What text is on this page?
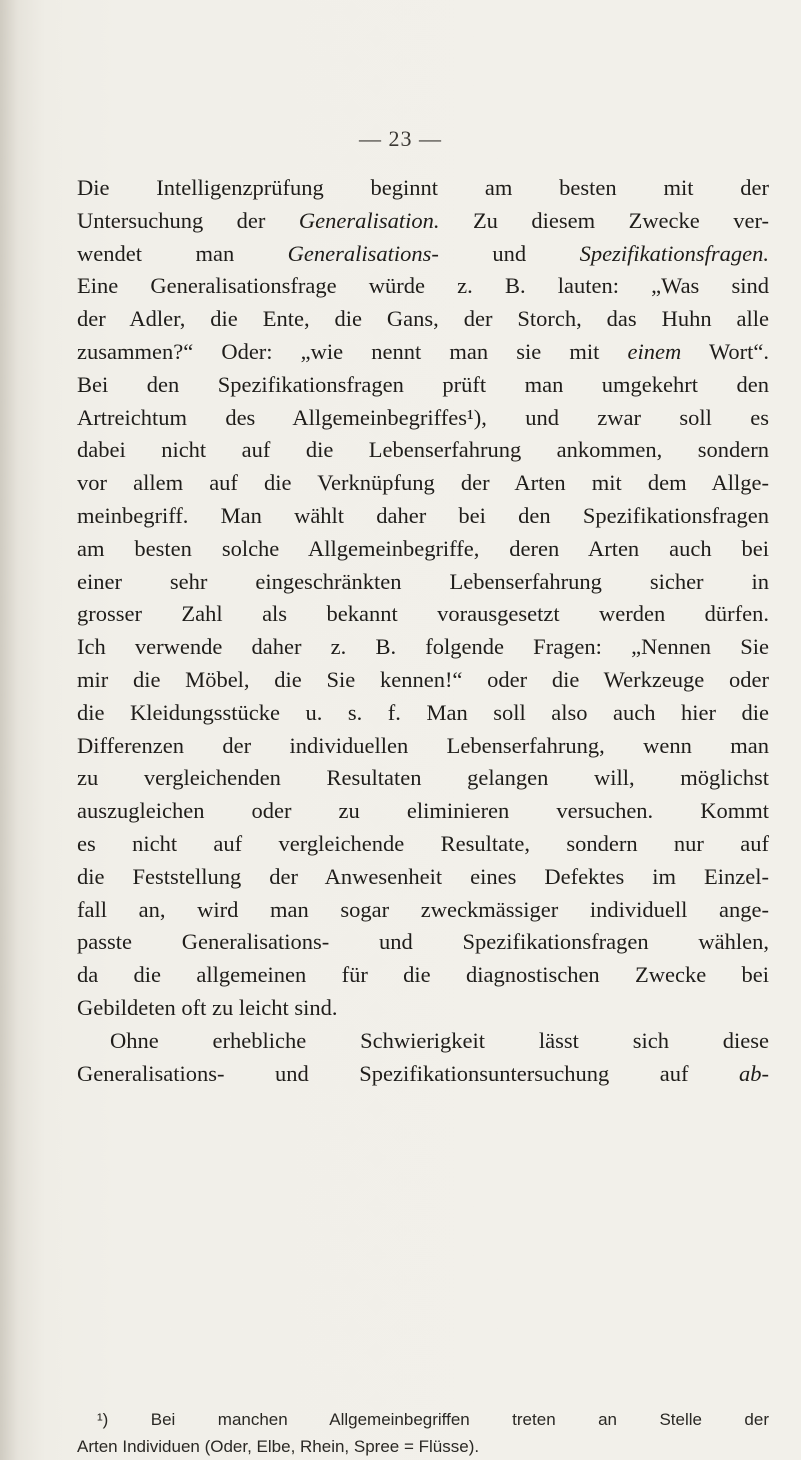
— 23 —
Die Intelligenzprüfung beginnt am besten mit der
Untersuchung der Generalisation. Zu diesem Zwecke ver-
wendet man Generalisations- und Spezifikationsfragen.
Eine Generalisationsfrage würde z. B. lauten: „Was sind
der Adler, die Ente, die Gans, der Storch, das Huhn alle
zusammen?“ Oder: „wie nennt man sie mit einem Wort“.
Bei den Spezifikationsfragen prüft man umgekehrt den
Artreichtum des Allgemeinbegriffes¹), und zwar soll es
dabei nicht auf die Lebenserfahrung ankommen, sondern
vor allem auf die Verknüpfung der Arten mit dem Allge-
meinbegriff. Man wählt daher bei den Spezifikationsfragen
am besten solche Allgemeinbegriffe, deren Arten auch bei
einer sehr eingeschränkten Lebenserfahrung sicher in
grosser Zahl als bekannt vorausgesetzt werden dürfen.
Ich verwende daher z. B. folgende Fragen: „Nennen Sie
mir die Möbel, die Sie kennen!“ oder die Werkzeuge oder
die Kleidungsstücke u. s. f. Man soll also auch hier die
Differenzen der individuellen Lebenserfahrung, wenn man
zu vergleichenden Resultaten gelangen will, möglichst
auszugleichen oder zu eliminieren versuchen. Kommt
es nicht auf vergleichende Resultate, sondern nur auf
die Feststellung der Anwesenheit eines Defektes im Einzel-
fall an, wird man sogar zweckmässiger individuell ange-
passte Generalisations- und Spezifikationsfragen wählen,
da die allgemeinen für die diagnostischen Zwecke bei
Gebildeten oft zu leicht sind.
Ohne erhebliche Schwierigkeit lässt sich diese
Generalisations- und Spezifikationsuntersuchung auf ab-
¹) Bei manchen Allgemeinbegriffen treten an Stelle der
Arten Individuen (Oder, Elbe, Rhein, Spree = Flüsse).
